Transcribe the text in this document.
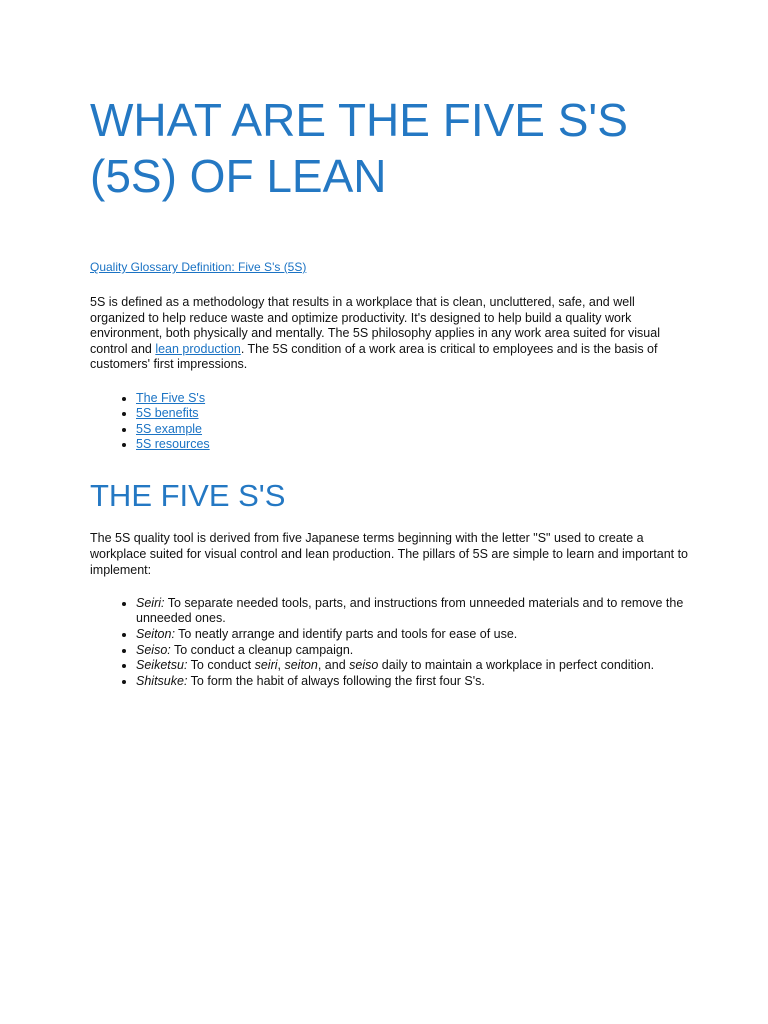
WHAT ARE THE FIVE S'S (5S) OF LEAN
Quality Glossary Definition: Five S's (5S)

5S is defined as a methodology that results in a workplace that is clean, uncluttered, safe, and well organized to help reduce waste and optimize productivity. It's designed to help build a quality work environment, both physically and mentally. The 5S philosophy applies in any work area suited for visual control and lean production. The 5S condition of a work area is critical to employees and is the basis of customers' first impressions.

• The Five S's
• 5S benefits
• 5S example
• 5S resources
THE FIVE S'S

The 5S quality tool is derived from five Japanese terms beginning with the letter "S" used to create a workplace suited for visual control and lean production. The pillars of 5S are simple to learn and important to implement:

• Seiri: To separate needed tools, parts, and instructions from unneeded materials and to remove the unneeded ones.
• Seiton: To neatly arrange and identify parts and tools for ease of use.
• Seiso: To conduct a cleanup campaign.
• Seiketsu: To conduct seiri, seiton, and seiso daily to maintain a workplace in perfect condition.
• Shitsuke: To form the habit of always following the first four S's.
